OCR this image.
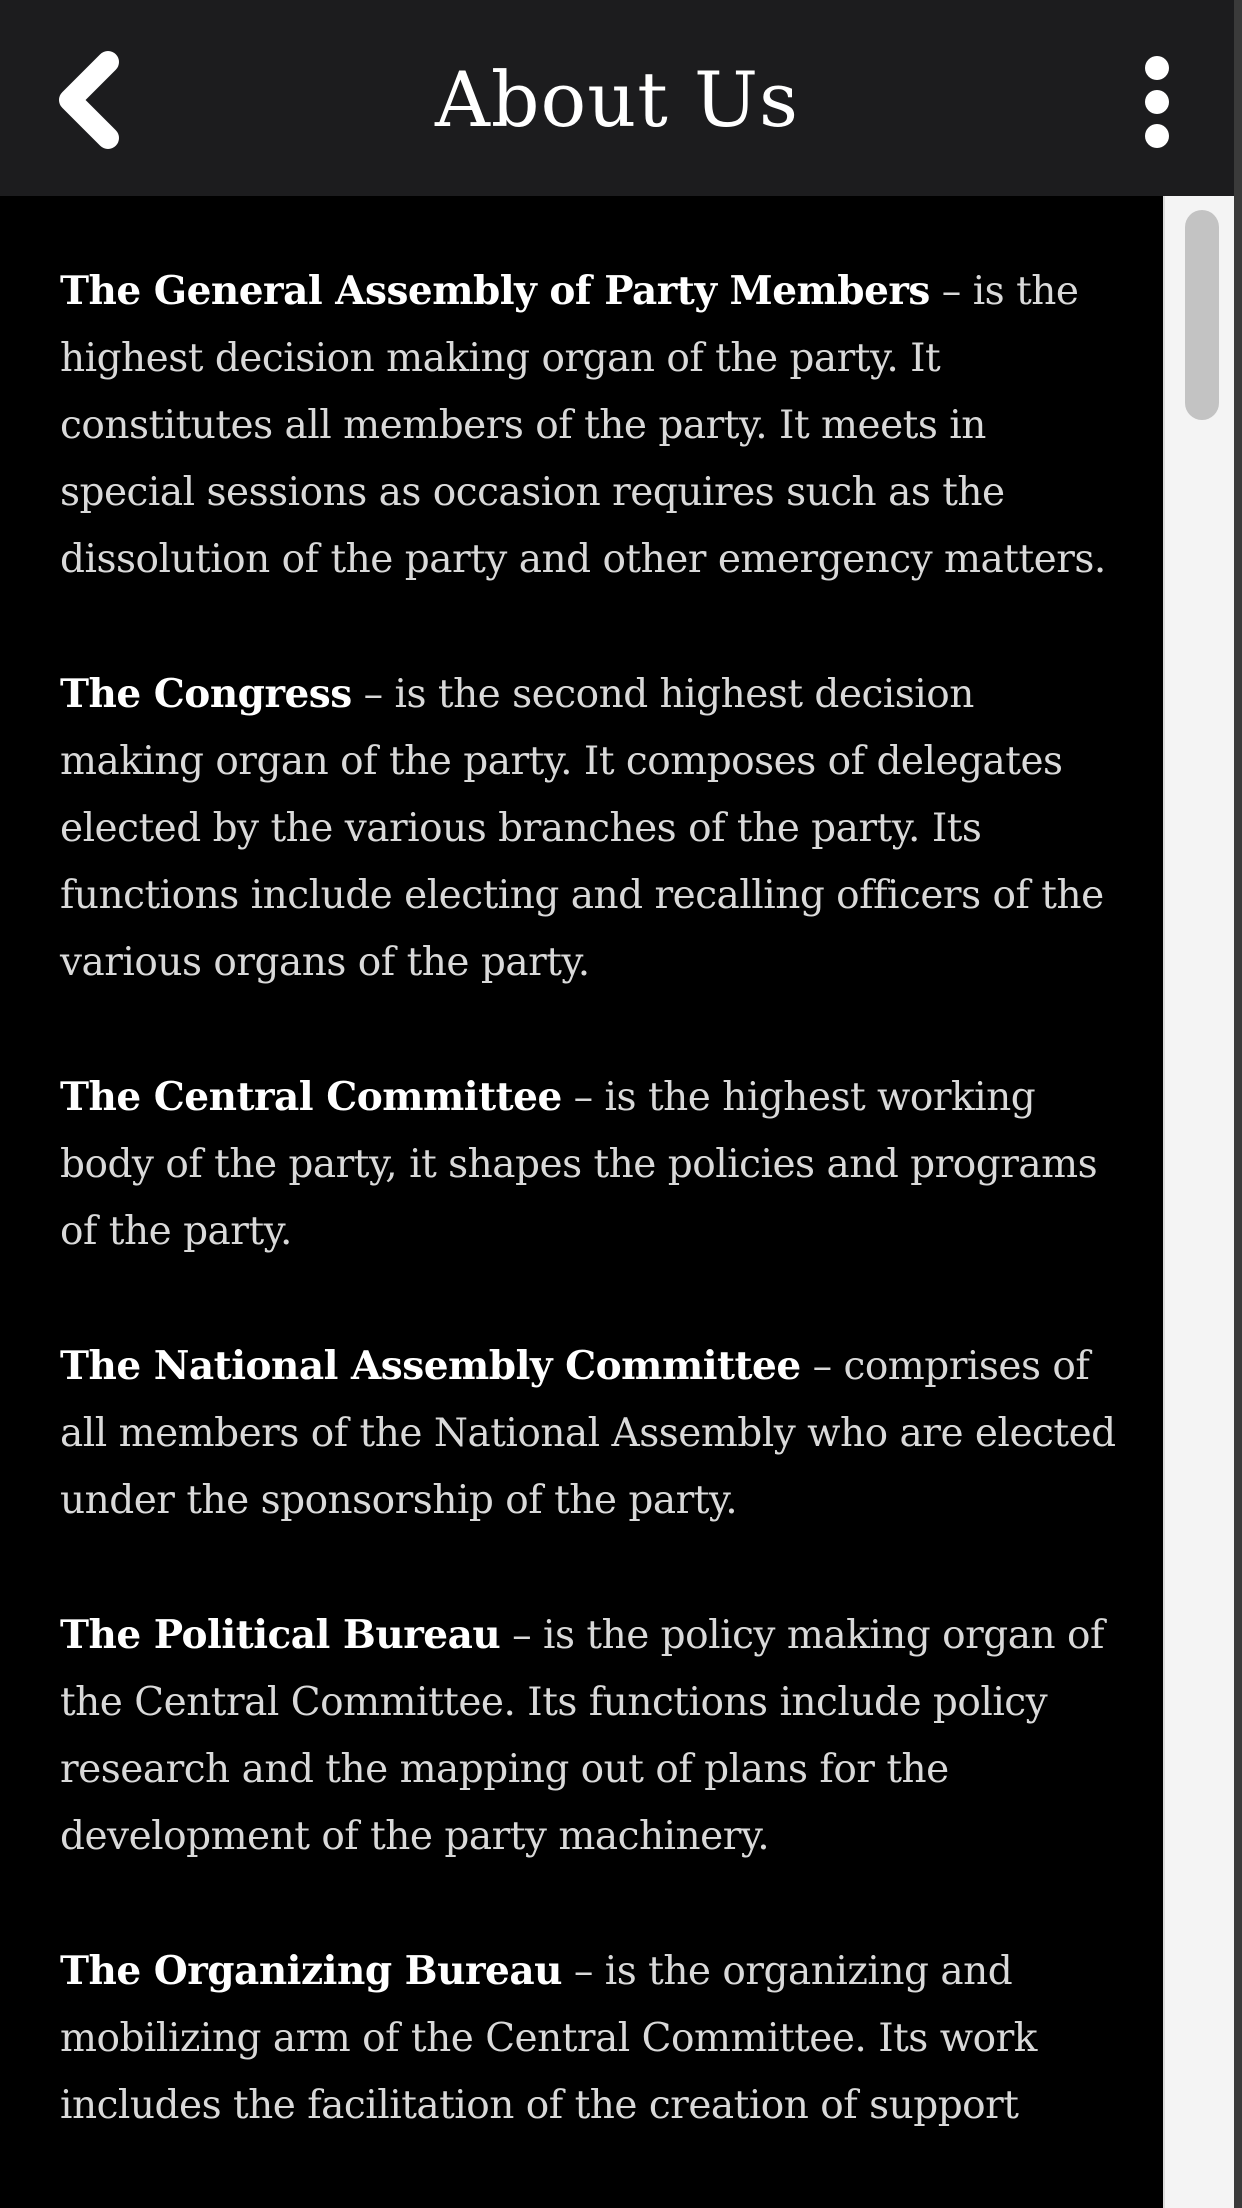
About Us

The General Assembly of Party Members – is the highest decision making organ of the party. It constitutes all members of the party. It meets in special sessions as occasion requires such as the dissolution of the party and other emergency matters.

The Congress – is the second highest decision making organ of the party. It composes of delegates elected by the various branches of the party. Its functions include electing and recalling officers of the various organs of the party.

The Central Committee – is the highest working body of the party, it shapes the policies and programs of the party.

The National Assembly Committee – comprises of all members of the National Assembly who are elected under the sponsorship of the party.

The Political Bureau – is the policy making organ of the Central Committee. Its functions include policy research and the mapping out of plans for the development of the party machinery.

The Organizing Bureau – is the organizing and mobilizing arm of the Central Committee. Its work includes the facilitation of the creation of support
